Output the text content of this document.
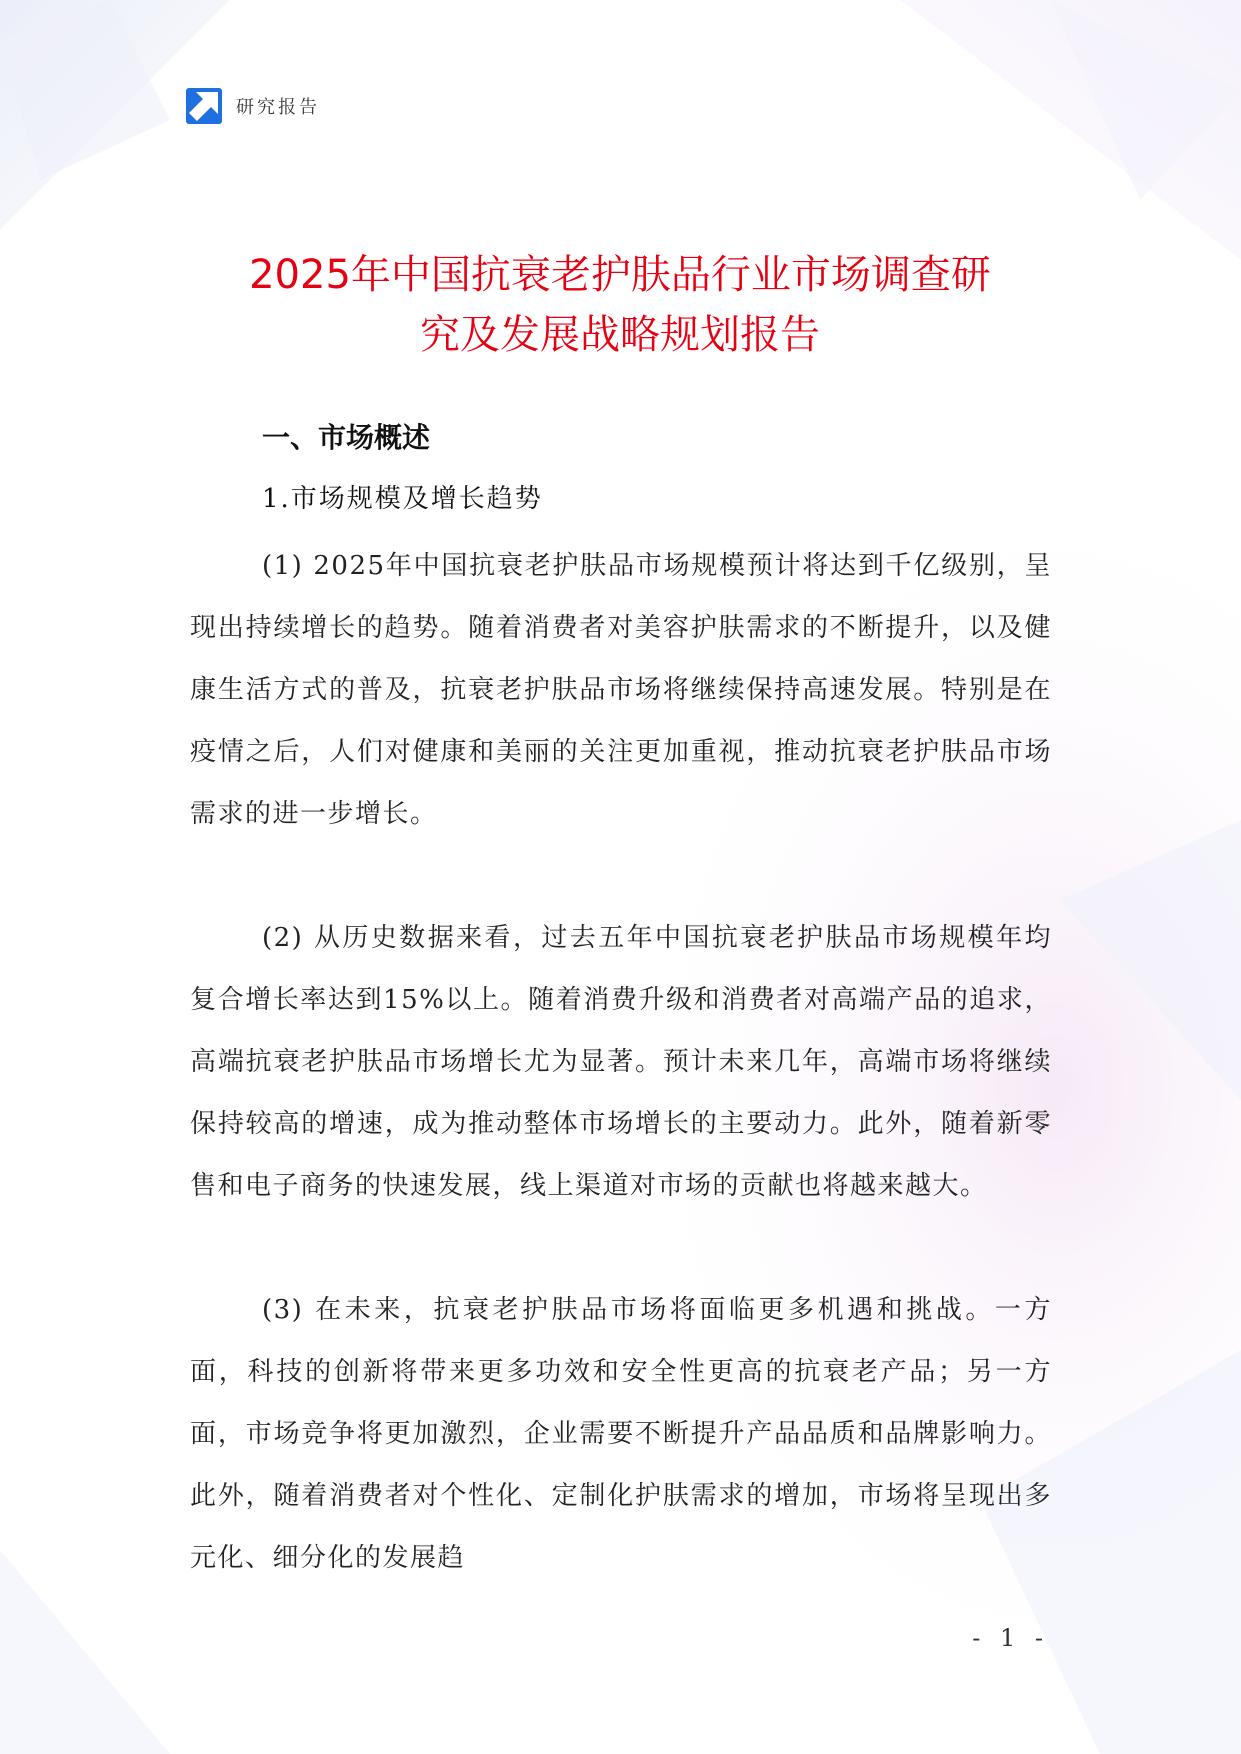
研究报告
2025年中国抗衰老护肤品行业市场调查研
究及发展战略规划报告
一、市场概述
1.市场规模及增长趋势

(1) 2025年中国抗衰老护肤品市场规模预计将达到千亿级别，呈现出持续增长的趋势。随着消费者对美容护肤需求的不断提升，以及健康生活方式的普及，抗衰老护肤品市场将继续保持高速发展。特别是在疫情之后，人们对健康和美丽的关注更加重视，推动抗衰老护肤品市场需求的进一步增长。

(2) 从历史数据来看，过去五年中国抗衰老护肤品市场规模年均复合增长率达到15%以上。随着消费升级和消费者对高端产品的追求，高端抗衰老护肤品市场增长尤为显著。预计未来几年，高端市场将继续保持较高的增速，成为推动整体市场增长的主要动力。此外，随着新零售和电子商务的快速发展，线上渠道对市场的贡献也将越来越大。

(3) 在未来，抗衰老护肤品市场将面临更多机遇和挑战。一方面，科技的创新将带来更多功效和安全性更高的抗衰老产品；另一方面，市场竞争将更加激烈，企业需要不断提升产品品质和品牌影响力。此外，随着消费者对个性化、定制化护肤需求的增加，市场将呈现出多元化、细分化的发展趋

- 1 -
